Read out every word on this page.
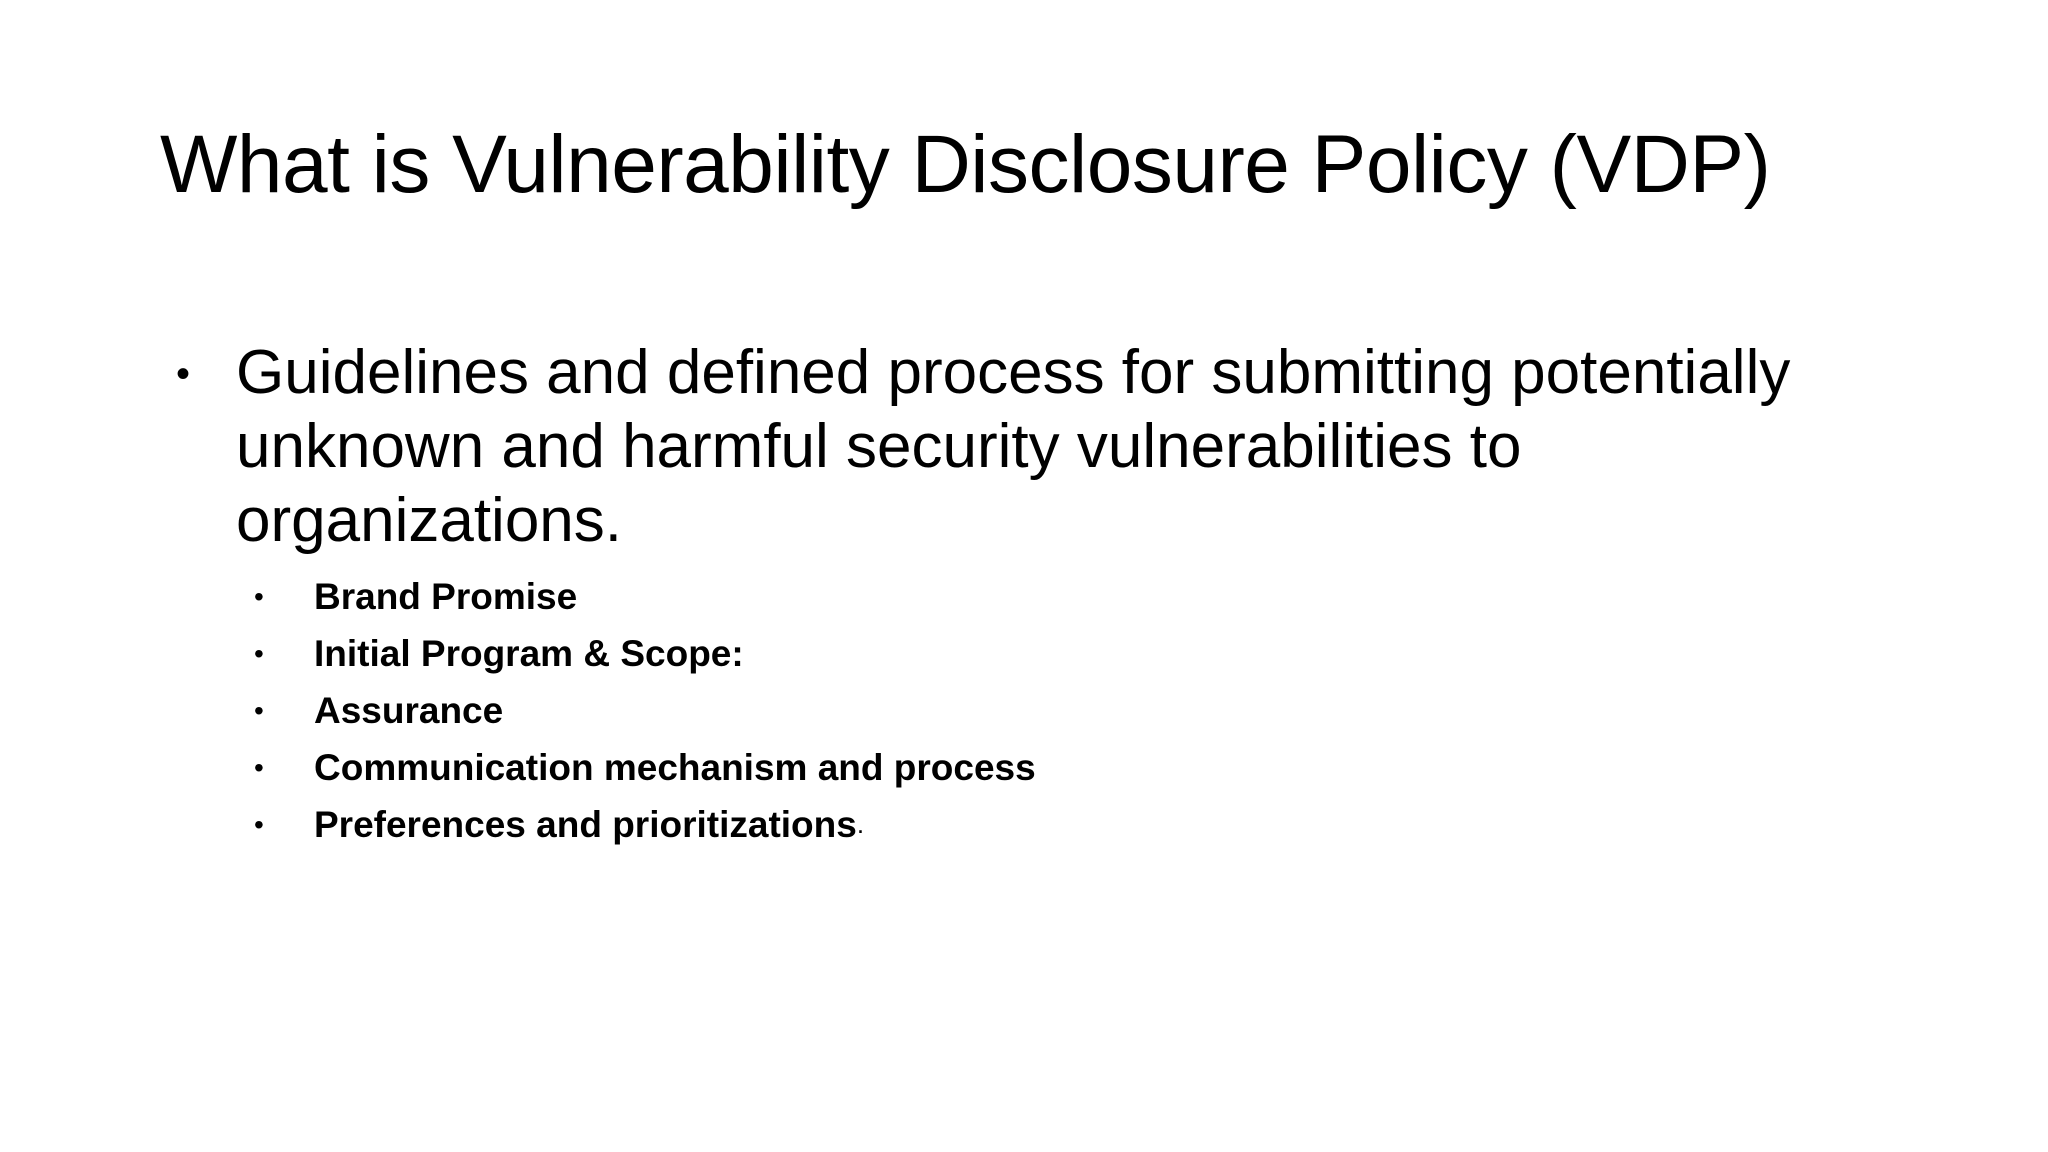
What is Vulnerability Disclosure Policy (VDP)
• Guidelines and defined process for submitting potentially unknown and harmful security vulnerabilities to organizations.
•	Brand Promise
•	Initial Program & Scope:
•	Assurance
•	Communication mechanism and process
•	Preferences and prioritizations .
